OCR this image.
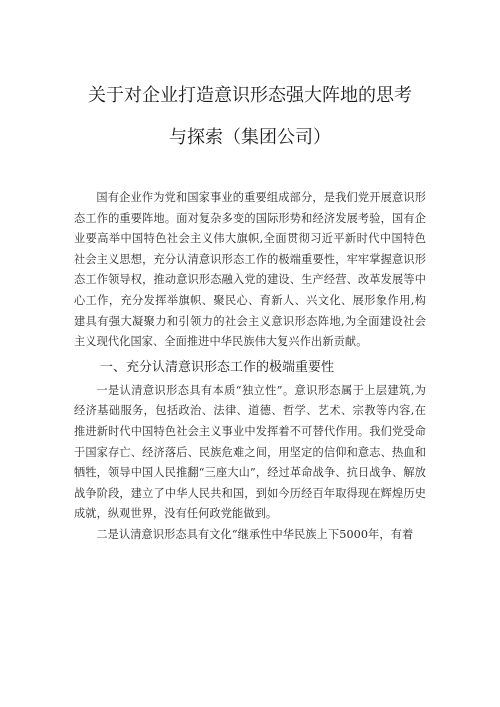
关于对企业打造意识形态强大阵地的思考
与探索（集团公司）

国有企业作为党和国家事业的重要组成部分，是我们党开展意识形态工作的重要阵地。面对复杂多变的国际形势和经济发展考验，国有企业要高举中国特色社会主义伟大旗帜,全面贯彻习近平新时代中国特色社会主义思想，充分认清意识形态工作的极端重要性，牢牢掌握意识形态工作领导权，推动意识形态融入党的建设、生产经营、改革发展等中心工作，充分发挥举旗帜、聚民心、育新人、兴文化、展形象作用,构建具有强大凝聚力和引领力的社会主义意识形态阵地,为全面建设社会主义现代化国家、全面推进中华民族伟大复兴作出新贡献。

一、充分认清意识形态工作的极端重要性

一是认清意识形态具有本质“独立性”。意识形态属于上层建筑,为经济基础服务，包括政治、法律、道德、哲学、艺术、宗教等内容,在推进新时代中国特色社会主义事业中发挥着不可替代作用。我们党受命于国家存亡、经济落后、民族危难之间，用坚定的信仰和意志、热血和牺牲，领导中国人民推翻“三座大山”，经过革命战争、抗日战争、解放战争阶段，建立了中华人民共和国，到如今历经百年取得现在辉煌历史成就，纵观世界，没有任何政党能做到。

二是认清意识形态具有文化“继承性中华民族上下5000年，有着
